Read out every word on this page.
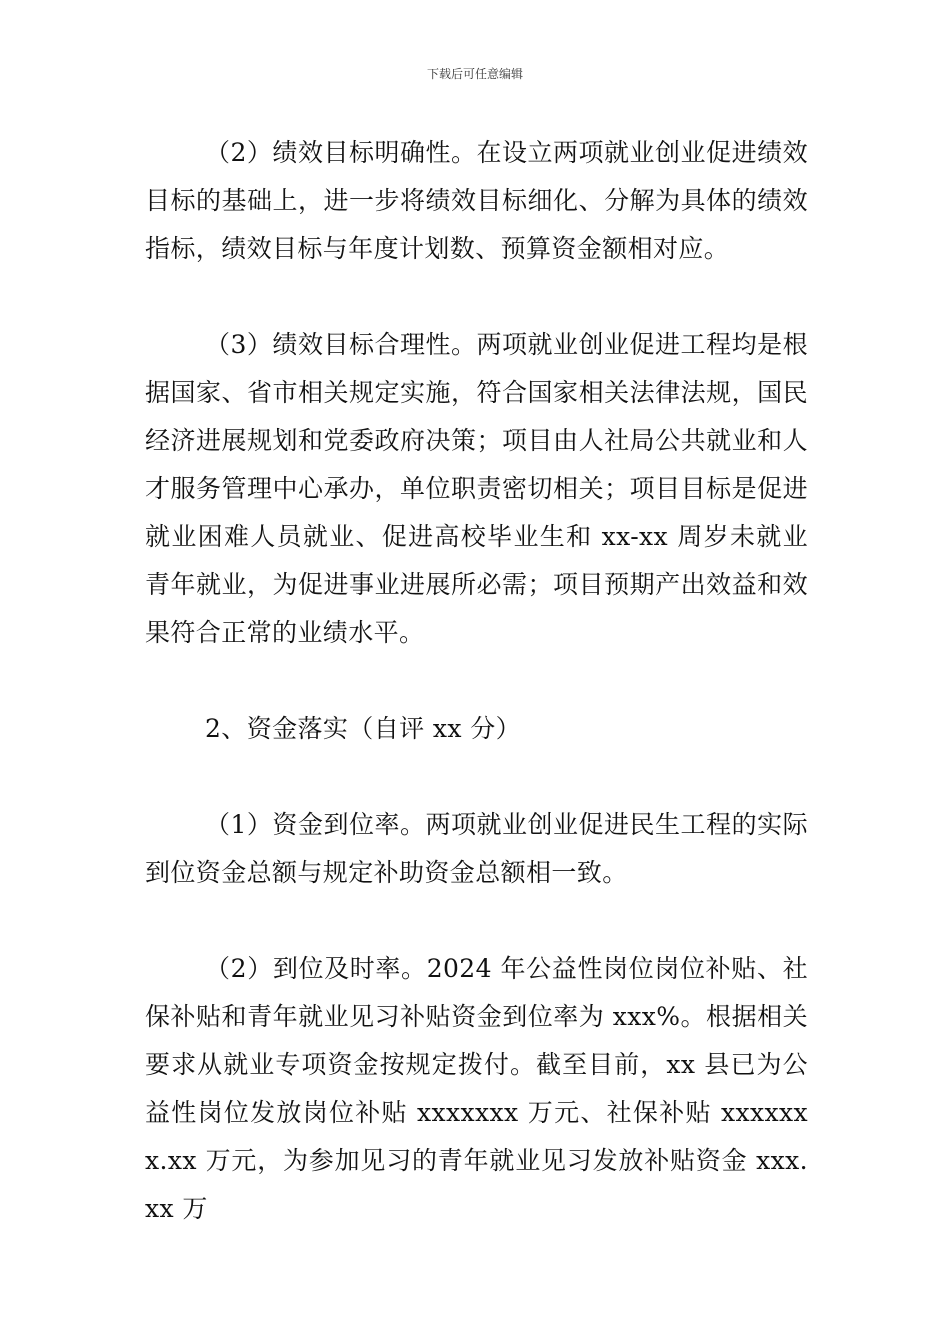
下载后可任意编辑

（2）绩效目标明确性。在设立两项就业创业促进绩效目标的基础上，进一步将绩效目标细化、分解为具体的绩效指标，绩效目标与年度计划数、预算资金额相对应。

（3）绩效目标合理性。两项就业创业促进工程均是根据国家、省市相关规定实施，符合国家相关法律法规，国民经济进展规划和党委政府决策；项目由人社局公共就业和人才服务管理中心承办，单位职责密切相关；项目目标是促进就业困难人员就业、促进高校毕业生和 xx-xx 周岁未就业青年就业，为促进事业进展所必需；项目预期产出效益和效果符合正常的业绩水平。

2、资金落实（自评 xx 分）

（1）资金到位率。两项就业创业促进民生工程的实际到位资金总额与规定补助资金总额相一致。

（2）到位及时率。2024 年公益性岗位岗位补贴、社保补贴和青年就业见习补贴资金到位率为 xxx%。根据相关要求从就业专项资金按规定拨付。截至目前，xx 县已为公益性岗位发放岗位补贴 xxxxxxx 万元、社保补贴 xxxxxxx.xx 万元，为参加见习的青年就业见习发放补贴资金 xxx.xx 万
